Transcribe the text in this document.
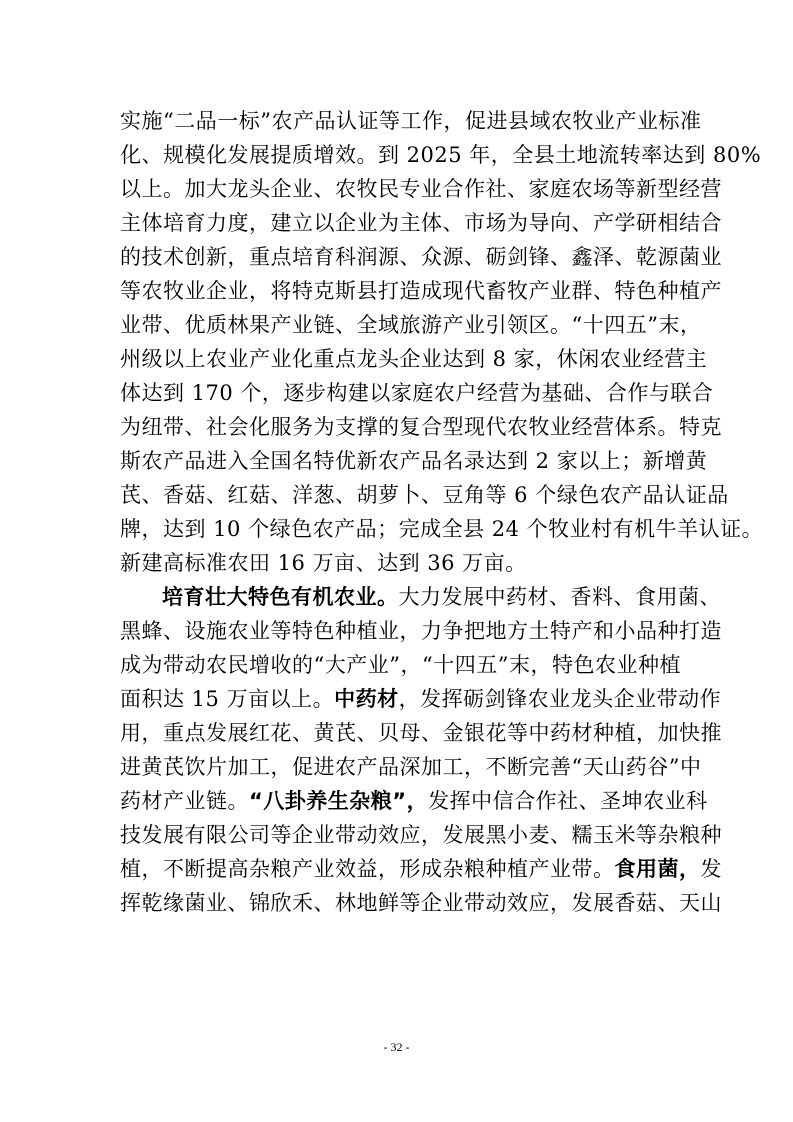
实施“二品一标”农产品认证等工作，促进县域农牧业产业标准
化、规模化发展提质增效。到 2025 年，全县土地流转率达到 80%
以上。加大龙头企业、农牧民专业合作社、家庭农场等新型经营
主体培育力度，建立以企业为主体、市场为导向、产学研相结合
的技术创新，重点培育科润源、众源、砺剑锋、鑫泽、乾源菌业
等农牧业企业，将特克斯县打造成现代畜牧产业群、特色种植产
业带、优质林果产业链、全域旅游产业引领区。“十四五”末，
州级以上农业产业化重点龙头企业达到 8 家，休闲农业经营主
体达到 170 个，逐步构建以家庭农户经营为基础、合作与联合
为纽带、社会化服务为支撑的复合型现代农牧业经营体系。特克
斯农产品进入全国名特优新农产品名录达到 2 家以上；新增黄
芪、香菇、红菇、洋葱、胡萝卜、豆角等 6 个绿色农产品认证品
牌，达到 10 个绿色农产品；完成全县 24 个牧业村有机牛羊认证。
新建高标准农田 16 万亩、达到 36 万亩。
培育壮大特色有机农业。大力发展中药材、香料、食用菌、
黑蜂、设施农业等特色种植业，力争把地方土特产和小品种打造
成为带动农民增收的“大产业”，“十四五”末，特色农业种植
面积达 15 万亩以上。中药材，发挥砺剑锋农业龙头企业带动作
用，重点发展红花、黄芪、贝母、金银花等中药材种植，加快推
进黄芪饮片加工，促进农产品深加工，不断完善“天山药谷”中
药材产业链。“八卦养生杂粮”，发挥中信合作社、圣坤农业科
技发展有限公司等企业带动效应，发展黑小麦、糯玉米等杂粮种
植，不断提高杂粮产业效益，形成杂粮种植产业带。食用菌，发
挥乾缘菌业、锦欣禾、林地鲜等企业带动效应，发展香菇、天山
- 32 -
